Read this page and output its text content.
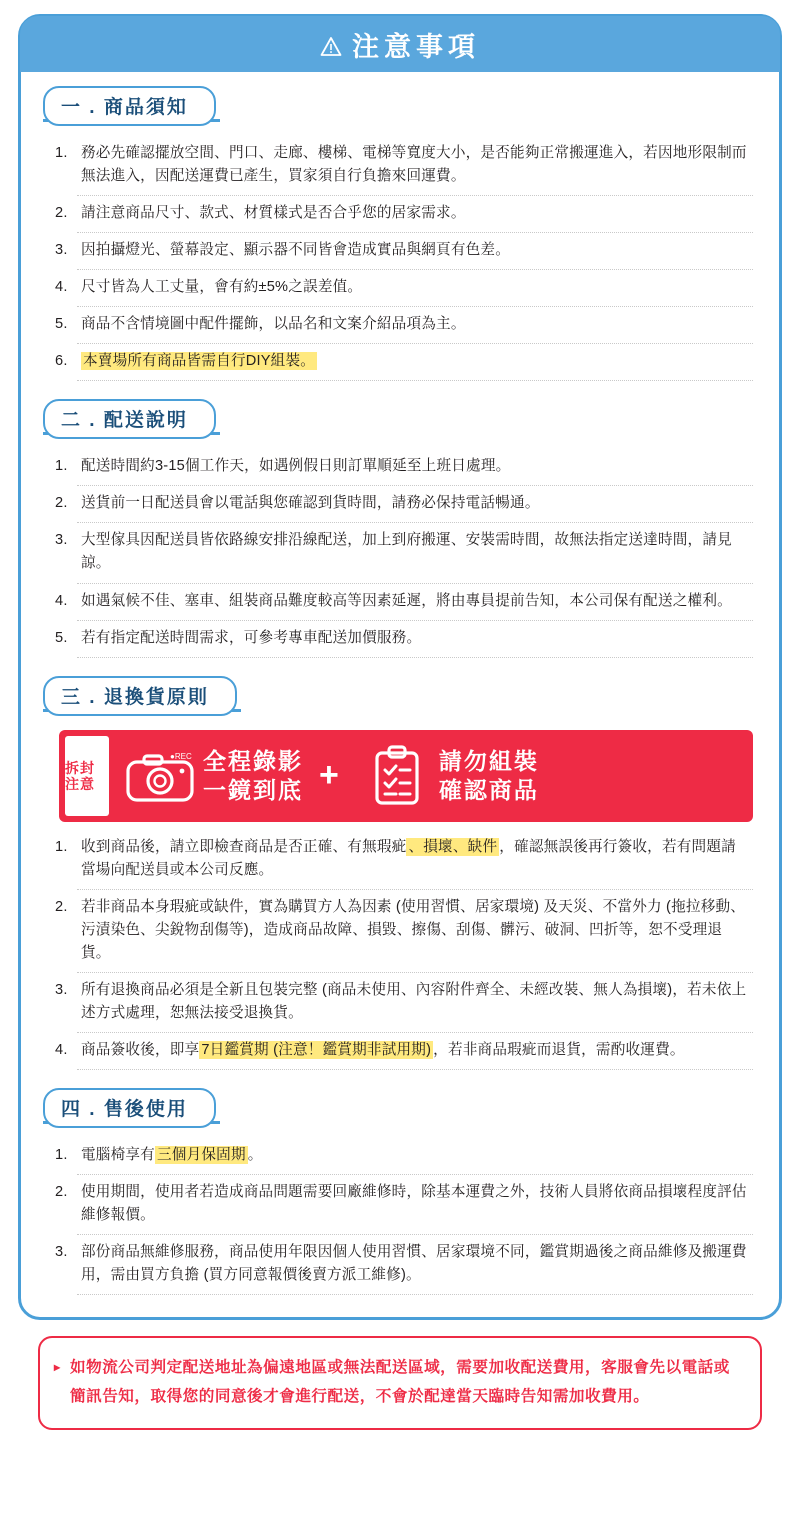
注意事項
一 . 商品須知
務必先確認擺放空間、門口、走廊、樓梯、電梯等寬度大小，是否能夠正常搬運進入，若因地形限制而無法進入，因配送運費已產生，買家須自行負擔來回運費。
請注意商品尺寸、款式、材質樣式是否合乎您的居家需求。
因拍攝燈光、螢幕設定、顯示器不同皆會造成實品與網頁有色差。
尺寸皆為人工丈量，會有約±5%之誤差值。
商品不含情境圖中配件擺飾，以品名和文案介紹品項為主。
本賣場所有商品皆需自行DIY組裝。
二 . 配送說明
配送時間約3-15個工作天，如遇例假日則訂單順延至上班日處理。
送貨前一日配送員會以電話與您確認到貨時間，請務必保持電話暢通。
大型傢具因配送員皆依路線安排沿線配送，加上到府搬運、安裝需時間，故無法指定送達時間，請見諒。
如遇氣候不佳、塞車、組裝商品難度較高等因素延遲，將由專員提前告知，本公司保有配送之權利。
若有指定配送時間需求，可參考專車配送加價服務。
三 . 退換貨原則
拆封注意
●REC 全程錄影
一鏡到底 +	請勿組裝
確認商品
收到商品後，請立即檢查商品是否正確、有無瑕疵 、損壞、缺件 ，確認無誤後再行簽收，若有問題請當場向配送員或本公司反應。
若非商品本身瑕疵或缺件，實為購買方人為因素 (使用習慣、居家環境) 及天災、不當外力 (拖拉移動、污漬染色、尖銳物刮傷等)，造成商品故障、損毀、擦傷、刮傷、髒污、破洞、凹折等，恕不受理退貨。
所有退換商品必須是全新且包裝完整 (商品未使用、內容附件齊全、未經改裝、無人為損壞)，若未依上述方式處理，恕無法接受退換貨。
商品簽收後，即享 7日鑑賞期 (注意！鑑賞期非試用期) ，若非商品瑕疵而退貨，需酌收運費。
四 . 售後使用
電腦椅享有 三個月保固期 。
使用期間，使用者若造成商品問題需要回廠維修時，除基本運費之外，技術人員將依商品損壞程度評估維修報價。
部份商品無維修服務，商品使用年限因個人使用習慣、居家環境不同，鑑賞期過後之商品維修及搬運費用，需由買方負擔 (買方同意報價後賣方派工維修)。
▸ 如物流公司判定配送地址為偏遠地區或無法配送區域，需要加收配送費用，客服會先以電話或簡訊告知，取得您的同意後才會進行配送，不會於配達當天臨時告知需加收費用。
